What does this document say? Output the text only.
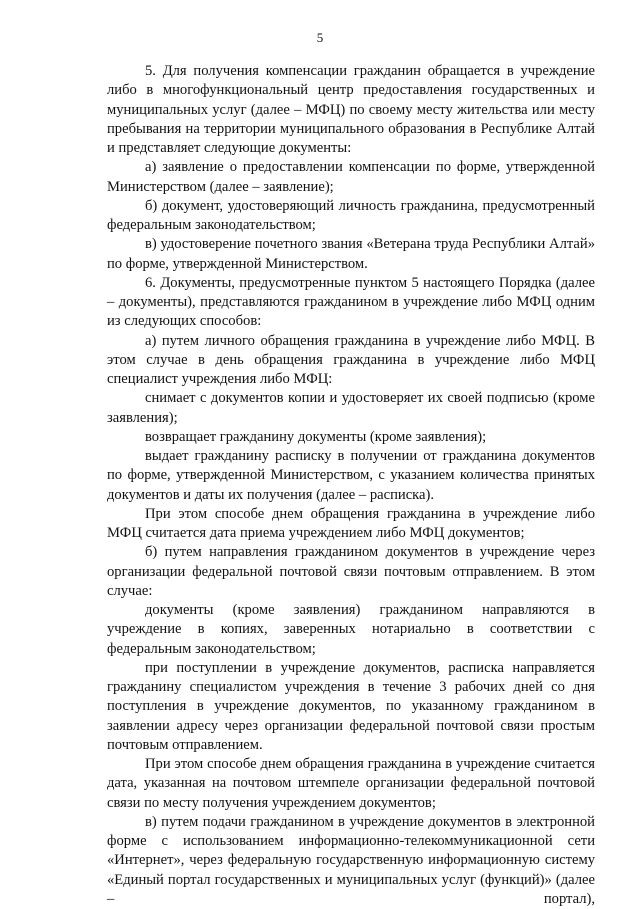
5

5. Для получения компенсации гражданин обращается в учреждение либо в многофункциональный центр предоставления государственных и муниципальных услуг (далее – МФЦ) по своему месту жительства или месту пребывания на территории муниципального образования в Республике Алтай и представляет следующие документы:

а) заявление о предоставлении компенсации по форме, утвержденной Министерством (далее – заявление);

б) документ, удостоверяющий личность гражданина, предусмотренный федеральным законодательством;

в) удостоверение почетного звания «Ветерана труда Республики Алтай» по форме, утвержденной Министерством.

6. Документы, предусмотренные пунктом 5 настоящего Порядка (далее – документы), представляются гражданином в учреждение либо МФЦ одним из следующих способов:

а) путем личного обращения гражданина в учреждение либо МФЦ. В этом случае в день обращения гражданина в учреждение либо МФЦ специалист учреждения либо МФЦ:

снимает с документов копии и удостоверяет их своей подписью (кроме заявления);

возвращает гражданину документы (кроме заявления);

выдает гражданину расписку в получении от гражданина документов по форме, утвержденной Министерством, с указанием количества принятых документов и даты их получения (далее – расписка).

При этом способе днем обращения гражданина в учреждение либо МФЦ считается дата приема учреждением либо МФЦ документов;

б) путем направления гражданином документов в учреждение через организации федеральной почтовой связи почтовым отправлением. В этом случае:

документы (кроме заявления) гражданином направляются в учреждение в копиях, заверенных нотариально в соответствии с федеральным законодательством;

при поступлении в учреждение документов, расписка направляется гражданину специалистом учреждения в течение 3 рабочих дней со дня поступления в учреждение документов, по указанному гражданином в заявлении адресу через организации федеральной почтовой связи простым почтовым отправлением.

При этом способе днем обращения гражданина в учреждение считается дата, указанная на почтовом штемпеле организации федеральной почтовой связи по месту получения учреждением документов;

в) путем подачи гражданином в учреждение документов в электронной форме с использованием информационно-телекоммуникационной сети «Интернет», через федеральную государственную информационную систему «Единый портал государственных и муниципальных услуг (функций)» (далее – портал),
